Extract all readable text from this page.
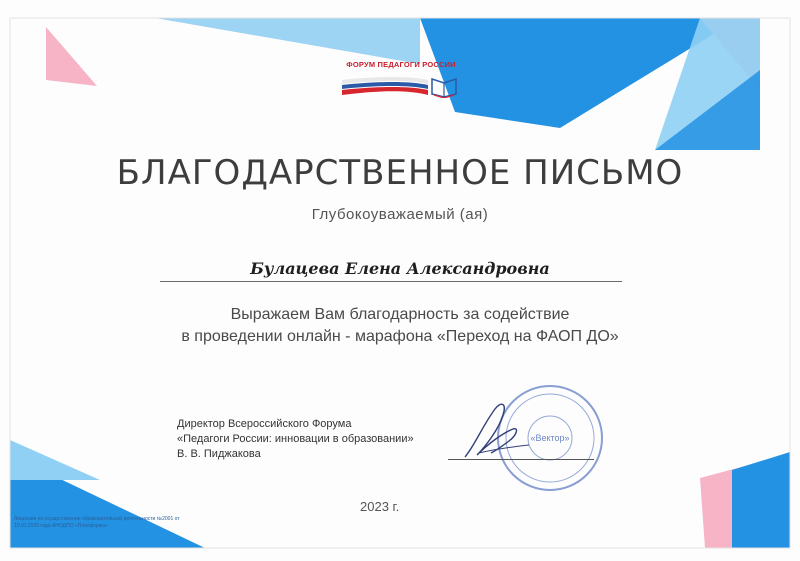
ФОРУМ ПЕДАГОГИ РОССИИ
БЛАГОДАРСТВЕННОЕ ПИСЬМО
Глубокоуважаемый (ая)
Булацева Елена Александровна
Выражаем Вам благодарность за содействие
в проведении онлайн - марафона «Переход на ФАОП ДО»
Директор Всероссийского Форума
«Педагоги России: инновации в образовании»
В. В. Пиджакова
«Вектор»
2023 г.
Лицензия на осуществление образовательной деятельности №2001 от 10.01.2020 года АНОДПО «Платформа»
